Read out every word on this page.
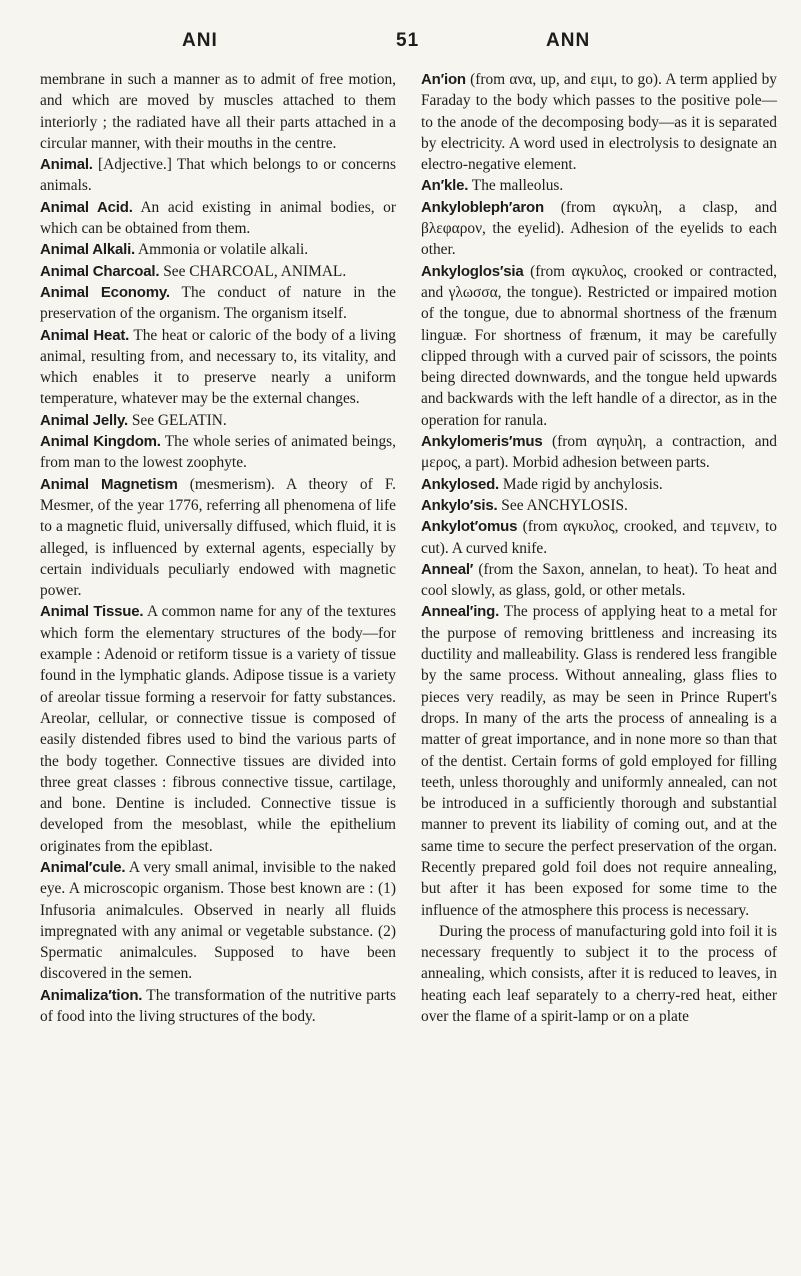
ANI	51	ANN

membrane in such a manner as to admit of free motion, and which are moved by muscles attached to them interiorly ; the radiated have all their parts attached in a circular manner, with their mouths in the centre.

Animal. [Adjective.] That which belongs to or concerns animals.

Animal Acid. An acid existing in animal bodies, or which can be obtained from them.

Animal Alkali. Ammonia or volatile alkali.

Animal Charcoal. See CHARCOAL, ANIMAL.

Animal Economy. The conduct of nature in the preservation of the organism. The organism itself.

Animal Heat. The heat or caloric of the body of a living animal, resulting from, and necessary to, its vitality, and which enables it to preserve nearly a uniform temperature, whatever may be the external changes.

Animal Jelly. See GELATIN.

Animal Kingdom. The whole series of animated beings, from man to the lowest zoophyte.

Animal Magnetism (mesmerism). A theory of F. Mesmer, of the year 1776, referring all phenomena of life to a magnetic fluid, universally diffused, which fluid, it is alleged, is influenced by external agents, especially by certain individuals peculiarly endowed with magnetic power.

Animal Tissue. A common name for any of the textures which form the elementary structures of the body—for example : Adenoid or retiform tissue is a variety of tissue found in the lymphatic glands. Adipose tissue is a variety of areolar tissue forming a reservoir for fatty substances. Areolar, cellular, or connective tissue is composed of easily distended fibres used to bind the various parts of the body together. Connective tissues are divided into three great classes : fibrous connective tissue, cartilage, and bone. Dentine is included. Connective tissue is developed from the mesoblast, while the epithelium originates from the epiblast.

Animal′cule. A very small animal, invisible to the naked eye. A microscopic organism. Those best known are : (1) Infusoria animalcules. Observed in nearly all fluids impregnated with any animal or vegetable substance. (2) Spermatic animalcules. Supposed to have been discovered in the semen.

Animaliza′tion. The transformation of the nutritive parts of food into the living structures of the body.

An′ion (from ανα, up, and ειμι, to go). A term applied by Faraday to the body which passes to the positive pole—to the anode of the decomposing body—as it is separated by electricity. A word used in electrolysis to designate an electro-negative element.

An′kle. The malleolus.

Ankylobleph′aron (from αγκυλη, a clasp, and βλεφαρον, the eyelid). Adhesion of the eyelids to each other.

Ankyloglos′sia (from αγκυλος, crooked or contracted, and γλωσσα, the tongue). Restricted or impaired motion of the tongue, due to abnormal shortness of the frænum linguæ. For shortness of frænum, it may be carefully clipped through with a curved pair of scissors, the points being directed downwards, and the tongue held upwards and backwards with the left handle of a director, as in the operation for ranula.

Ankylomeris′mus (from αγηυλη, a contraction, and μερος, a part). Morbid adhesion between parts.

Ankylosed. Made rigid by anchylosis.

Ankylo′sis. See ANCHYLOSIS.

Ankylot′omus (from αγκυλος, crooked, and τεμνειν, to cut). A curved knife.

Anneal′ (from the Saxon, annelan, to heat). To heat and cool slowly, as glass, gold, or other metals.

Anneal′ing. The process of applying heat to a metal for the purpose of removing brittleness and increasing its ductility and malleability. Glass is rendered less frangible by the same process. Without annealing, glass flies to pieces very readily, as may be seen in Prince Rupert's drops. In many of the arts the process of annealing is a matter of great importance, and in none more so than that of the dentist. Certain forms of gold employed for filling teeth, unless thoroughly and uniformly annealed, can not be introduced in a sufficiently thorough and substantial manner to prevent its liability of coming out, and at the same time to secure the perfect preservation of the organ. Recently prepared gold foil does not require annealing, but after it has been exposed for some time to the influence of the atmosphere this process is necessary.

During the process of manufacturing gold into foil it is necessary frequently to subject it to the process of annealing, which consists, after it is reduced to leaves, in heating each leaf separately to a cherry-red heat, either over the flame of a spirit-lamp or on a plate
